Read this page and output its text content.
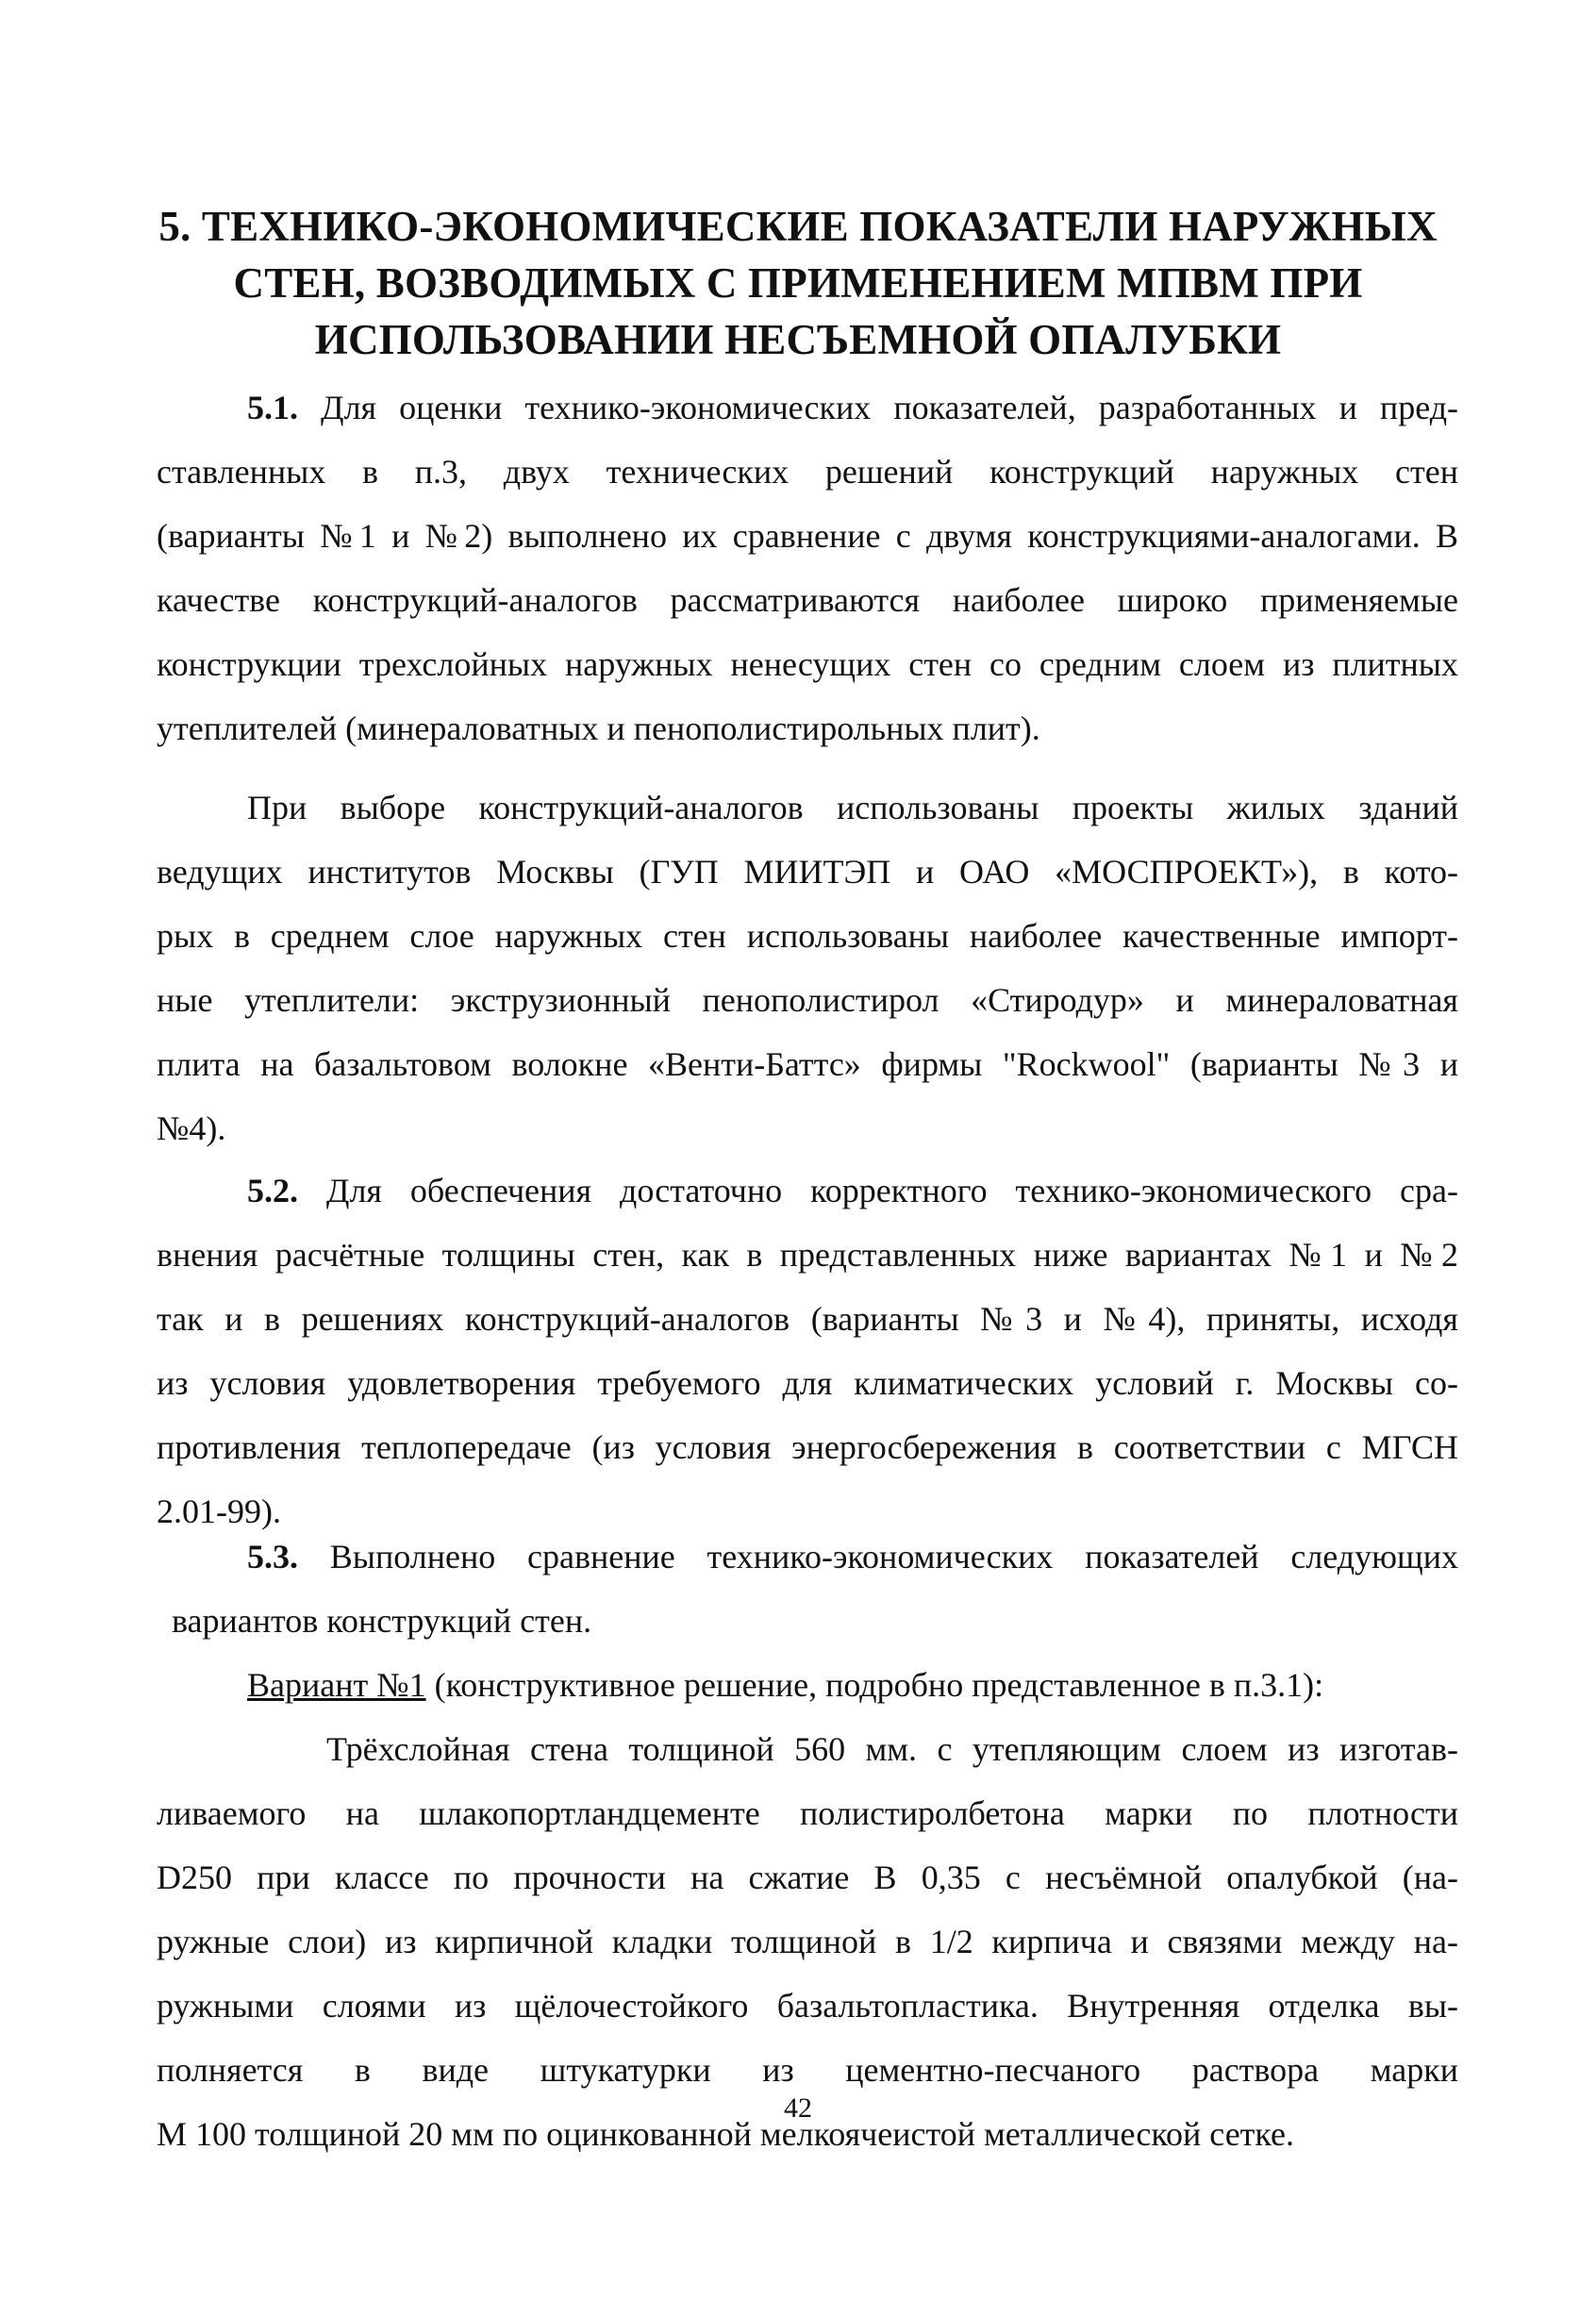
5. ТЕХНИКО-ЭКОНОМИЧЕСКИЕ ПОКАЗАТЕЛИ НАРУЖНЫХ
СТЕН, ВОЗВОДИМЫХ С ПРИМЕНЕНИЕМ МПВМ ПРИ
ИСПОЛЬЗОВАНИИ НЕСЪЕМНОЙ ОПАЛУБКИ
5.1. Для оценки технико-экономических показателей, разработанных и пред-
ставленных в п.3, двух технических решений конструкций наружных стен
(варианты №1 и №2) выполнено их сравнение с двумя конструкциями-аналогами. В
качестве конструкций-аналогов рассматриваются наиболее широко применяемые
конструкции трехслойных наружных ненесущих стен со средним слоем из плитных
утеплителей (минераловатных и пенополистирольных плит).
При выборе конструкций-аналогов использованы проекты жилых зданий
ведущих институтов Москвы (ГУП МИИТЭП и ОАО «МОСПРОЕКТ»), в кото-
рых в среднем слое наружных стен использованы наиболее качественные импорт-
ные утеплители: экструзионный пенополистирол «Стиродур» и минераловатная
плита на базальтовом волокне «Венти-Баттс» фирмы "Rockwool" (варианты №3 и
№4).
5.2. Для обеспечения достаточно корректного технико-экономического сра-
внения расчётные толщины стен, как в представленных ниже вариантах №1 и №2
так и в решениях конструкций-аналогов (варианты №3 и №4), приняты, исходя
из условия удовлетворения требуемого для климатических условий г. Москвы со-
противления теплопередаче (из условия энергосбережения в соответствии с МГСН
2.01-99).
5.3. Выполнено сравнение технико-экономических показателей следующих
вариантов конструкций стен.
Вариант №1 (конструктивное решение, подробно представленное в п.3.1):
Трёхслойная стена толщиной 560 мм. с утепляющим слоем из изготав-
ливаемого на шлакопортландцементе полистиролбетона марки по плотности
D250 при классе по прочности на сжатие В 0,35 с несъёмной опалубкой (на-
ружные слои) из кирпичной кладки толщиной в 1/2 кирпича и связями между на-
ружными слоями из щёлочестойкого базальтопластика. Внутренняя отделка вы-
полняется в виде штукатурки из цементно-песчаного раствора марки
М 100 толщиной 20 мм по оцинкованной мелкоячеистой металлической сетке.
42
